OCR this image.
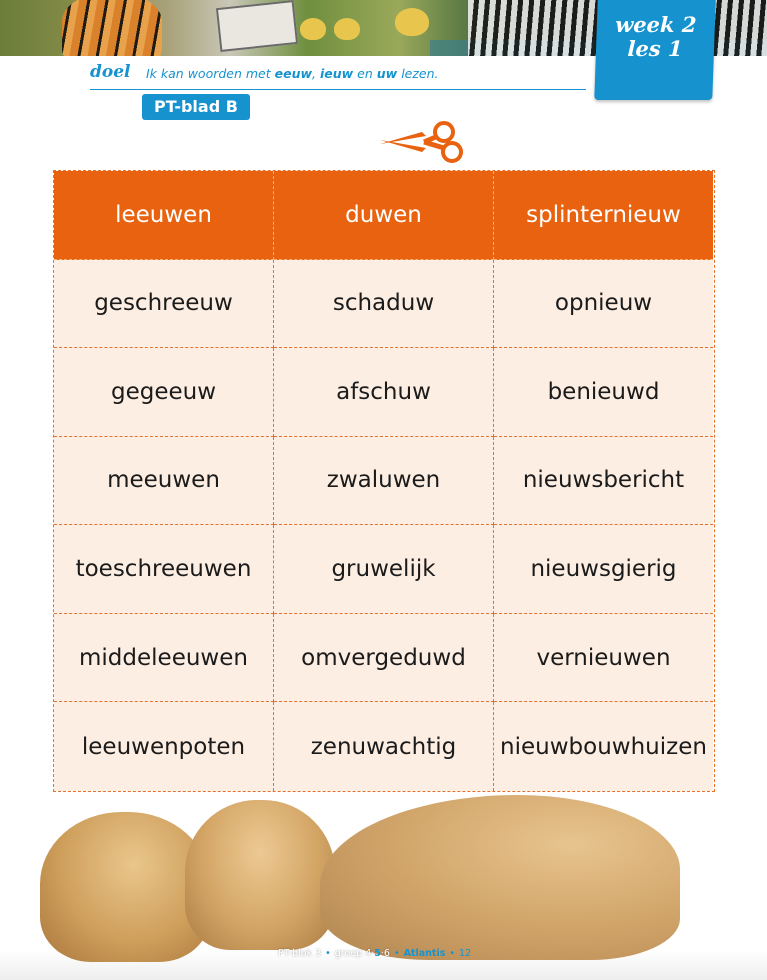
week 2
les 1
doel Ik kan woorden met eeuw, ieuw en uw lezen.
PT-blad B
leeuwen	duwen	splinternieuw
geschreeuw	schaduw	opnieuw
gegeeuw	afschuw	benieuwd
meeuwen	zwaluwen	nieuwsbericht
toeschreeuwen	gruwelijk	nieuwsgierig
middeleeuwen	omvergeduwd	vernieuwen
leeuwenpoten	zenuwachtig	nieuwbouwhuizen
PT-blok 3 • groep 4·5·6 • Atlantis • 12
